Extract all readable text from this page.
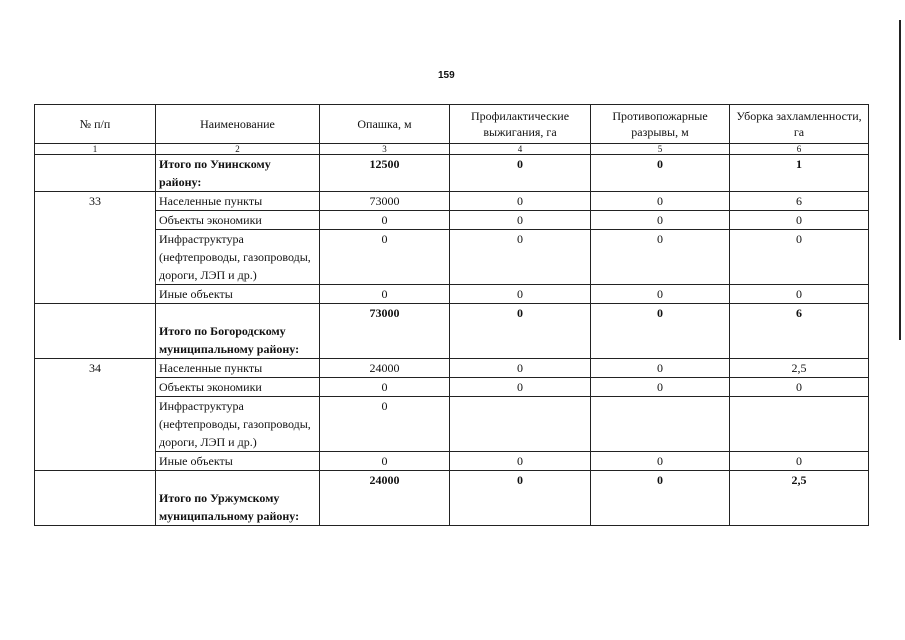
159
№ п/п	Наименование	Опашка, м	Профилактические выжигания, га	Противопожарные разрывы, м	Уборка захламленности, га
1	2	3	4	5	6
	Итого по Унинскому району:	12500	0	0	1
33	Населенные пункты	73000	0	0	6
	Объекты экономики	0	0	0	0
	Инфраструктура (нефтепроводы, газопроводы, дороги, ЛЭП и др.)	0	0	0	0
	Иные объекты	0	0	0	0
	Итого по Богородскому муниципальному району:	73000	0	0	6
34	Населенные пункты	24000	0	0	2,5
	Объекты экономики	0	0	0	0
	Инфраструктура (нефтепроводы, газопроводы, дороги, ЛЭП и др.)	0			
	Иные объекты	0	0	0	0
	Итого по Уржумскому муниципальному району:	24000	0	0	2,5
